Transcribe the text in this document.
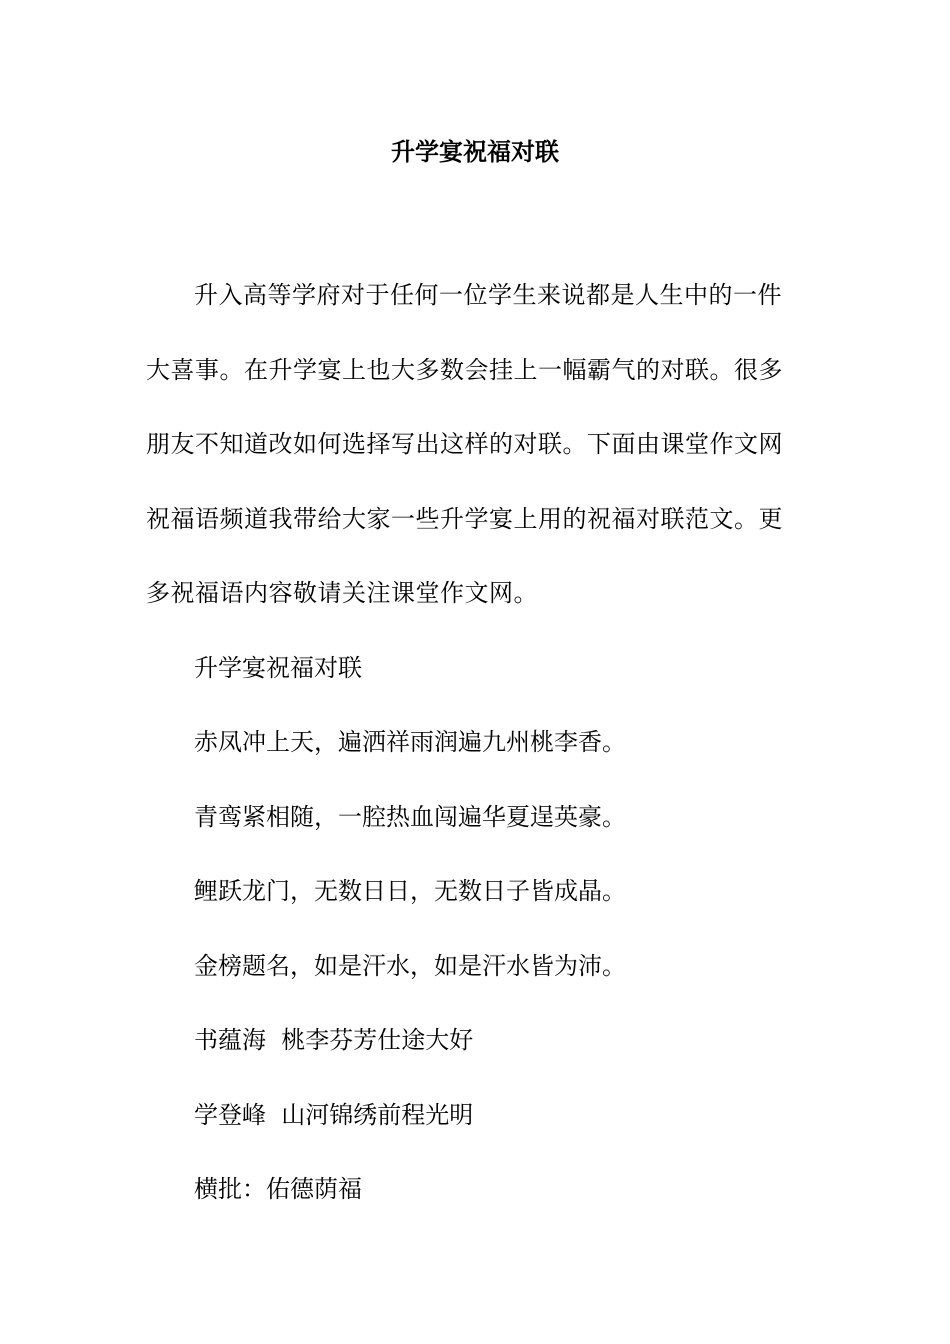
升学宴祝福对联

升入高等学府对于任何一位学生来说都是人生中的一件大喜事。在升学宴上也大多数会挂上一幅霸气的对联。很多朋友不知道改如何选择写出这样的对联。下面由课堂作文网祝福语频道我带给大家一些升学宴上用的祝福对联范文。更多祝福语内容敬请关注课堂作文网。

升学宴祝福对联

赤凤冲上天，遍洒祥雨润遍九州桃李香。

青鸾紧相随，一腔热血闯遍华夏逞英豪。

鲤跃龙门，无数日日，无数日子皆成晶。

金榜题名，如是汗水，如是汗水皆为沛。

书蕴海  桃李芬芳仕途大好

学登峰  山河锦绣前程光明

横批：佑德荫福
